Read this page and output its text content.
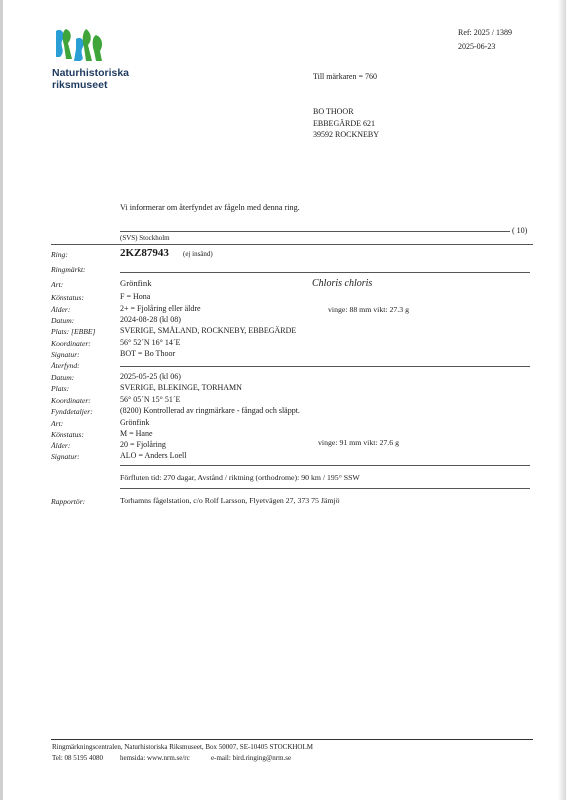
Naturhistoriska
riksmuseet
Ref: 2025 / 1389
2025-06-23
Till märkaren = 760
BO THOOR
EBBEGÄRDE 621
39592 ROCKNEBY
Vi informerar om återfyndet av fågeln med denna ring.
( 10)
(SVS) Stockholm
Ring:	2KZ87943 (ej insänd)
Ringmärkt:
Art:	Grönfink	Chloris chloris
Könstatus:	F = Hona
Ålder:	2+ = Fjolåring eller äldre	vinge: 88 mm vikt: 27.3 g
Datum:	2024-08-28 (kl 08)
Plats: [EBBE]	SVERIGE, SMÅLAND, ROCKNEBY, EBBEGÄRDE
Koordinater:	56° 52´N 16° 14´E
Signatur:	BOT = Bo Thoor
Återfynd:
Datum:	2025-05-25 (kl 06)
Plats:	SVERIGE, BLEKINGE, TORHAMN
Koordinater:	56° 05´N 15° 51´E
Fynddetaljer:	(8200) Kontrollerad av ringmärkare - fångad och släppt.
Art:	Grönfink
Könstatus:	M = Hane
Ålder:	20 = Fjolåring	vinge: 91 mm vikt: 27.6 g
Signatur:	ALO = Anders Loell
Förfluten tid: 270 dagar, Avstånd / riktning (orthodrome): 90 km / 195° SSW
Rapportör:	Torhamns fågelstation, c/o Rolf Larsson, Flyetvägen 27, 373 75 Jämjö
Ringmärkningscentralen, Naturhistoriska Riksmuseet, Box 50007, SE-10405 STOCKHOLM
Tel: 08 5195 4080 hemsida: www.nrm.se/rc	e-mail: bird.ringing@nrm.se
